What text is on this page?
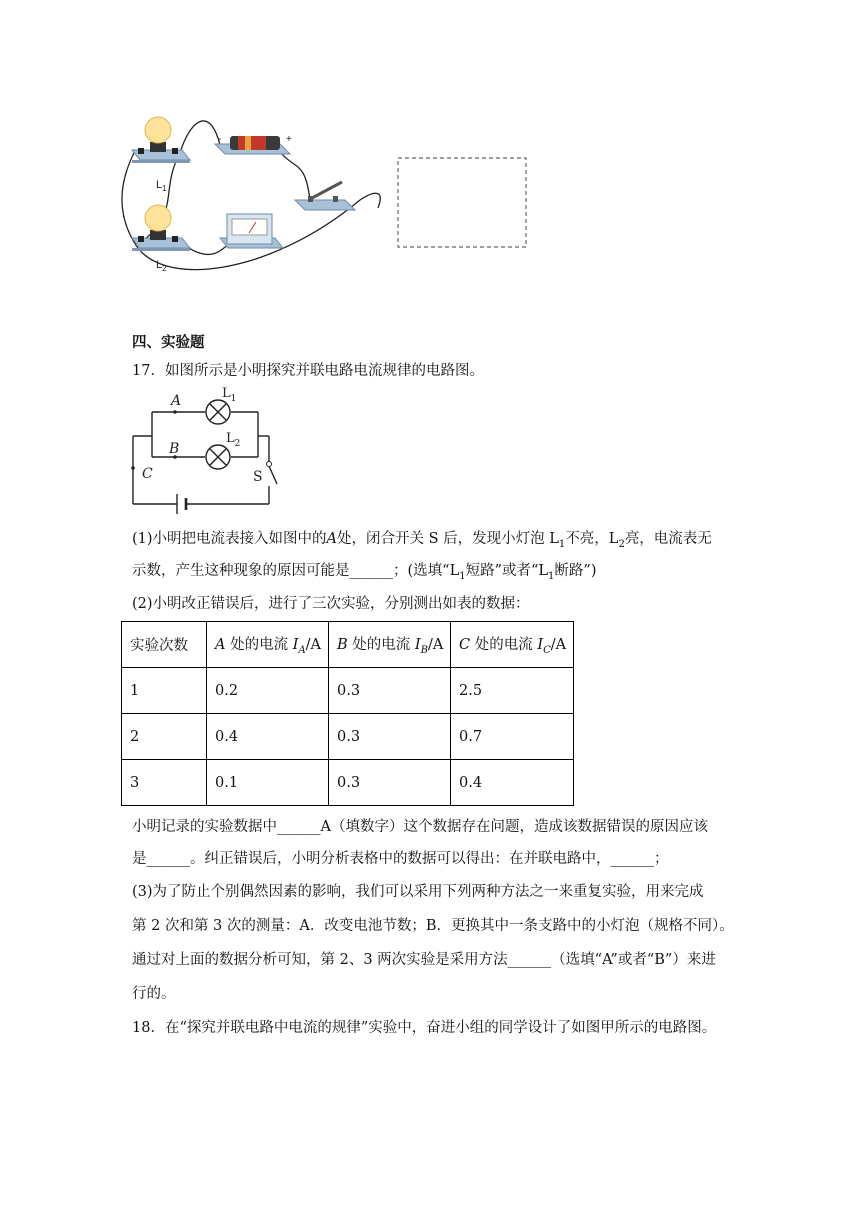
$L_1$
$L_2$
-	+
四、实验题
17．如图所示是小明探究并联电路电流规律的电路图。
A
B
C	S
$L_1$
$L_2$
(1)小明把电流表接入如图中的A处，闭合开关 S 后，发现小灯泡 $L_1$不亮，$L_2$亮，电流表无
示数，产生这种现象的原因可能是______；(选填“$L_1$短路”或者“$L_1$断路”)
(2)小明改正错误后，进行了三次实验，分别测出如表的数据：
实验次数	A 处的电流 $I_A/A$	B 处的电流 $I_B/A$	C 处的电流 $I_C/A$
1	0.2	0.3	2.5
2	0.4	0.3	0.7
3	0.1	0.3	0.4
小明记录的实验数据中______A（填数字）这个数据存在问题，造成该数据错误的原因应该
是______。纠正错误后，小明分析表格中的数据可以得出：在并联电路中，______；
(3)为了防止个别偶然因素的影响，我们可以采用下列两种方法之一来重复实验，用来完成
第 2 次和第 3 次的测量：A．改变电池节数；B．更换其中一条支路中的小灯泡（规格不同）。
通过对上面的数据分析可知，第 2、3 两次实验是采用方法______（选填“A”或者“B”）来进
行的。
18．在“探究并联电路中电流的规律”实验中，奋进小组的同学设计了如图甲所示的电路图。
